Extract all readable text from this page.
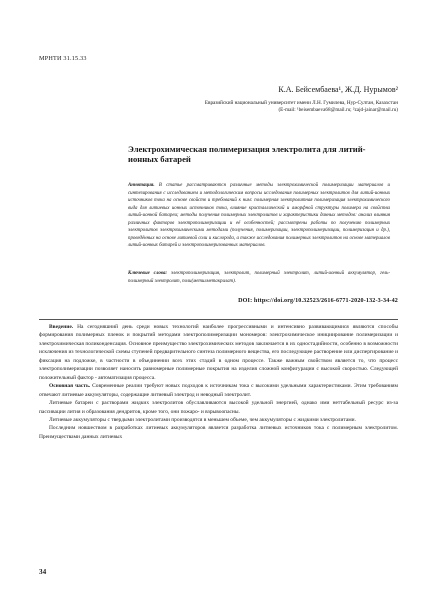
МРНТИ 31.15.33
К.А. Бейсембаева¹, Ж.Д. Нурымов²
Евразийский национальный университет имени Л.Н. Гумилева, Нур-Султан, Казахстан
(E-mail: ¹beisembaeva68@mail.ru; ²zajd-jainar@mail.ru)
Электрохимическая полимеризация электролита для литий-ионных батарей
Аннотация. В статье рассматриваются различные методы электрохимической полимеризации материалов и синтезирования с исследованием и методологическим вопросы исследования полимерных электролитов для литий-ионных источников тока на основе свойств и требований к ним: полимерная электролитная полимеризация электрохимического вида для литиевых ионных источников тока, влияние кристаллической и аморфной структуры полимера на свойства литий-ионной батареи; методы получения полимерных электролитов и характеристики данных методов: анализ влияния различных факторов электрополимеризации и её особенностей; рассмотрены работы по получению полимерных электролитов электрохимическими методами (получения, полимеризации, электрополимеризации, полимеризация и др.), проведённых на основе литиевой соли и кислорода, а также исследования полимерных электролитов на основе материалов литий-ионных батарей и электрополимеризованных материалов.
Ключевые слова: электрополимеризация, электролит, полимерный электролит, литий-ионный аккумулятор, гель-полимерный электролит, поли(метилметакрилат).
DOI: https://doi.org/10.32523/2616-6771-2020-132-3-34-42

Введение. На сегодняшний день среди новых технологий наиболее прогрессивными и интенсивно развивающимися являются способы формирования полимерных пленок и покрытий методами электрополимеризации мономеров: электрохимическое инициирование полимеризации и электрохимическая поликонденсация. Основное преимущество электрохимических методов заключается в их одностадийности, особенно в возможности исключения из технологической схемы ступеней предварительного синтеза полимерного вещества, его последующее растворение или диспергирование и фиксация на подложке, в частности в объединении всех этих стадий в одном процессе. Также важным свойством является то, что процесс электрополимеризации позволяет наносить равномерные полимерные покрытия на изделия сложной конфигурации с высокой скоростью. Следующей положительный фактор - автоматизация процесса.

Основная часть. Современные реалии требуют новых подходов к источникам тока с высокими удельными характеристиками. Этим требованиям отвечают литиевые аккумуляторы, содержащие литиевый электрод и неводный электролит.

Литиевые батареи с растворами жидких электролитов обуславливаются высокой удельной энергией, однако ими неттабельный ресурс из-за пассивации лития и образования дендритов, кроме того, они пожаро- и взрывоопасны.

Литиевые аккумуляторы с твердыми электролитами производятся в меньшем объеме, чем аккумуляторы с жидкими электролитами.

Последним новшеством в разработках литиевых аккумуляторов является разработка литиевых источников тока с полимерным электролитом. Преимуществами данных литиевых

34
